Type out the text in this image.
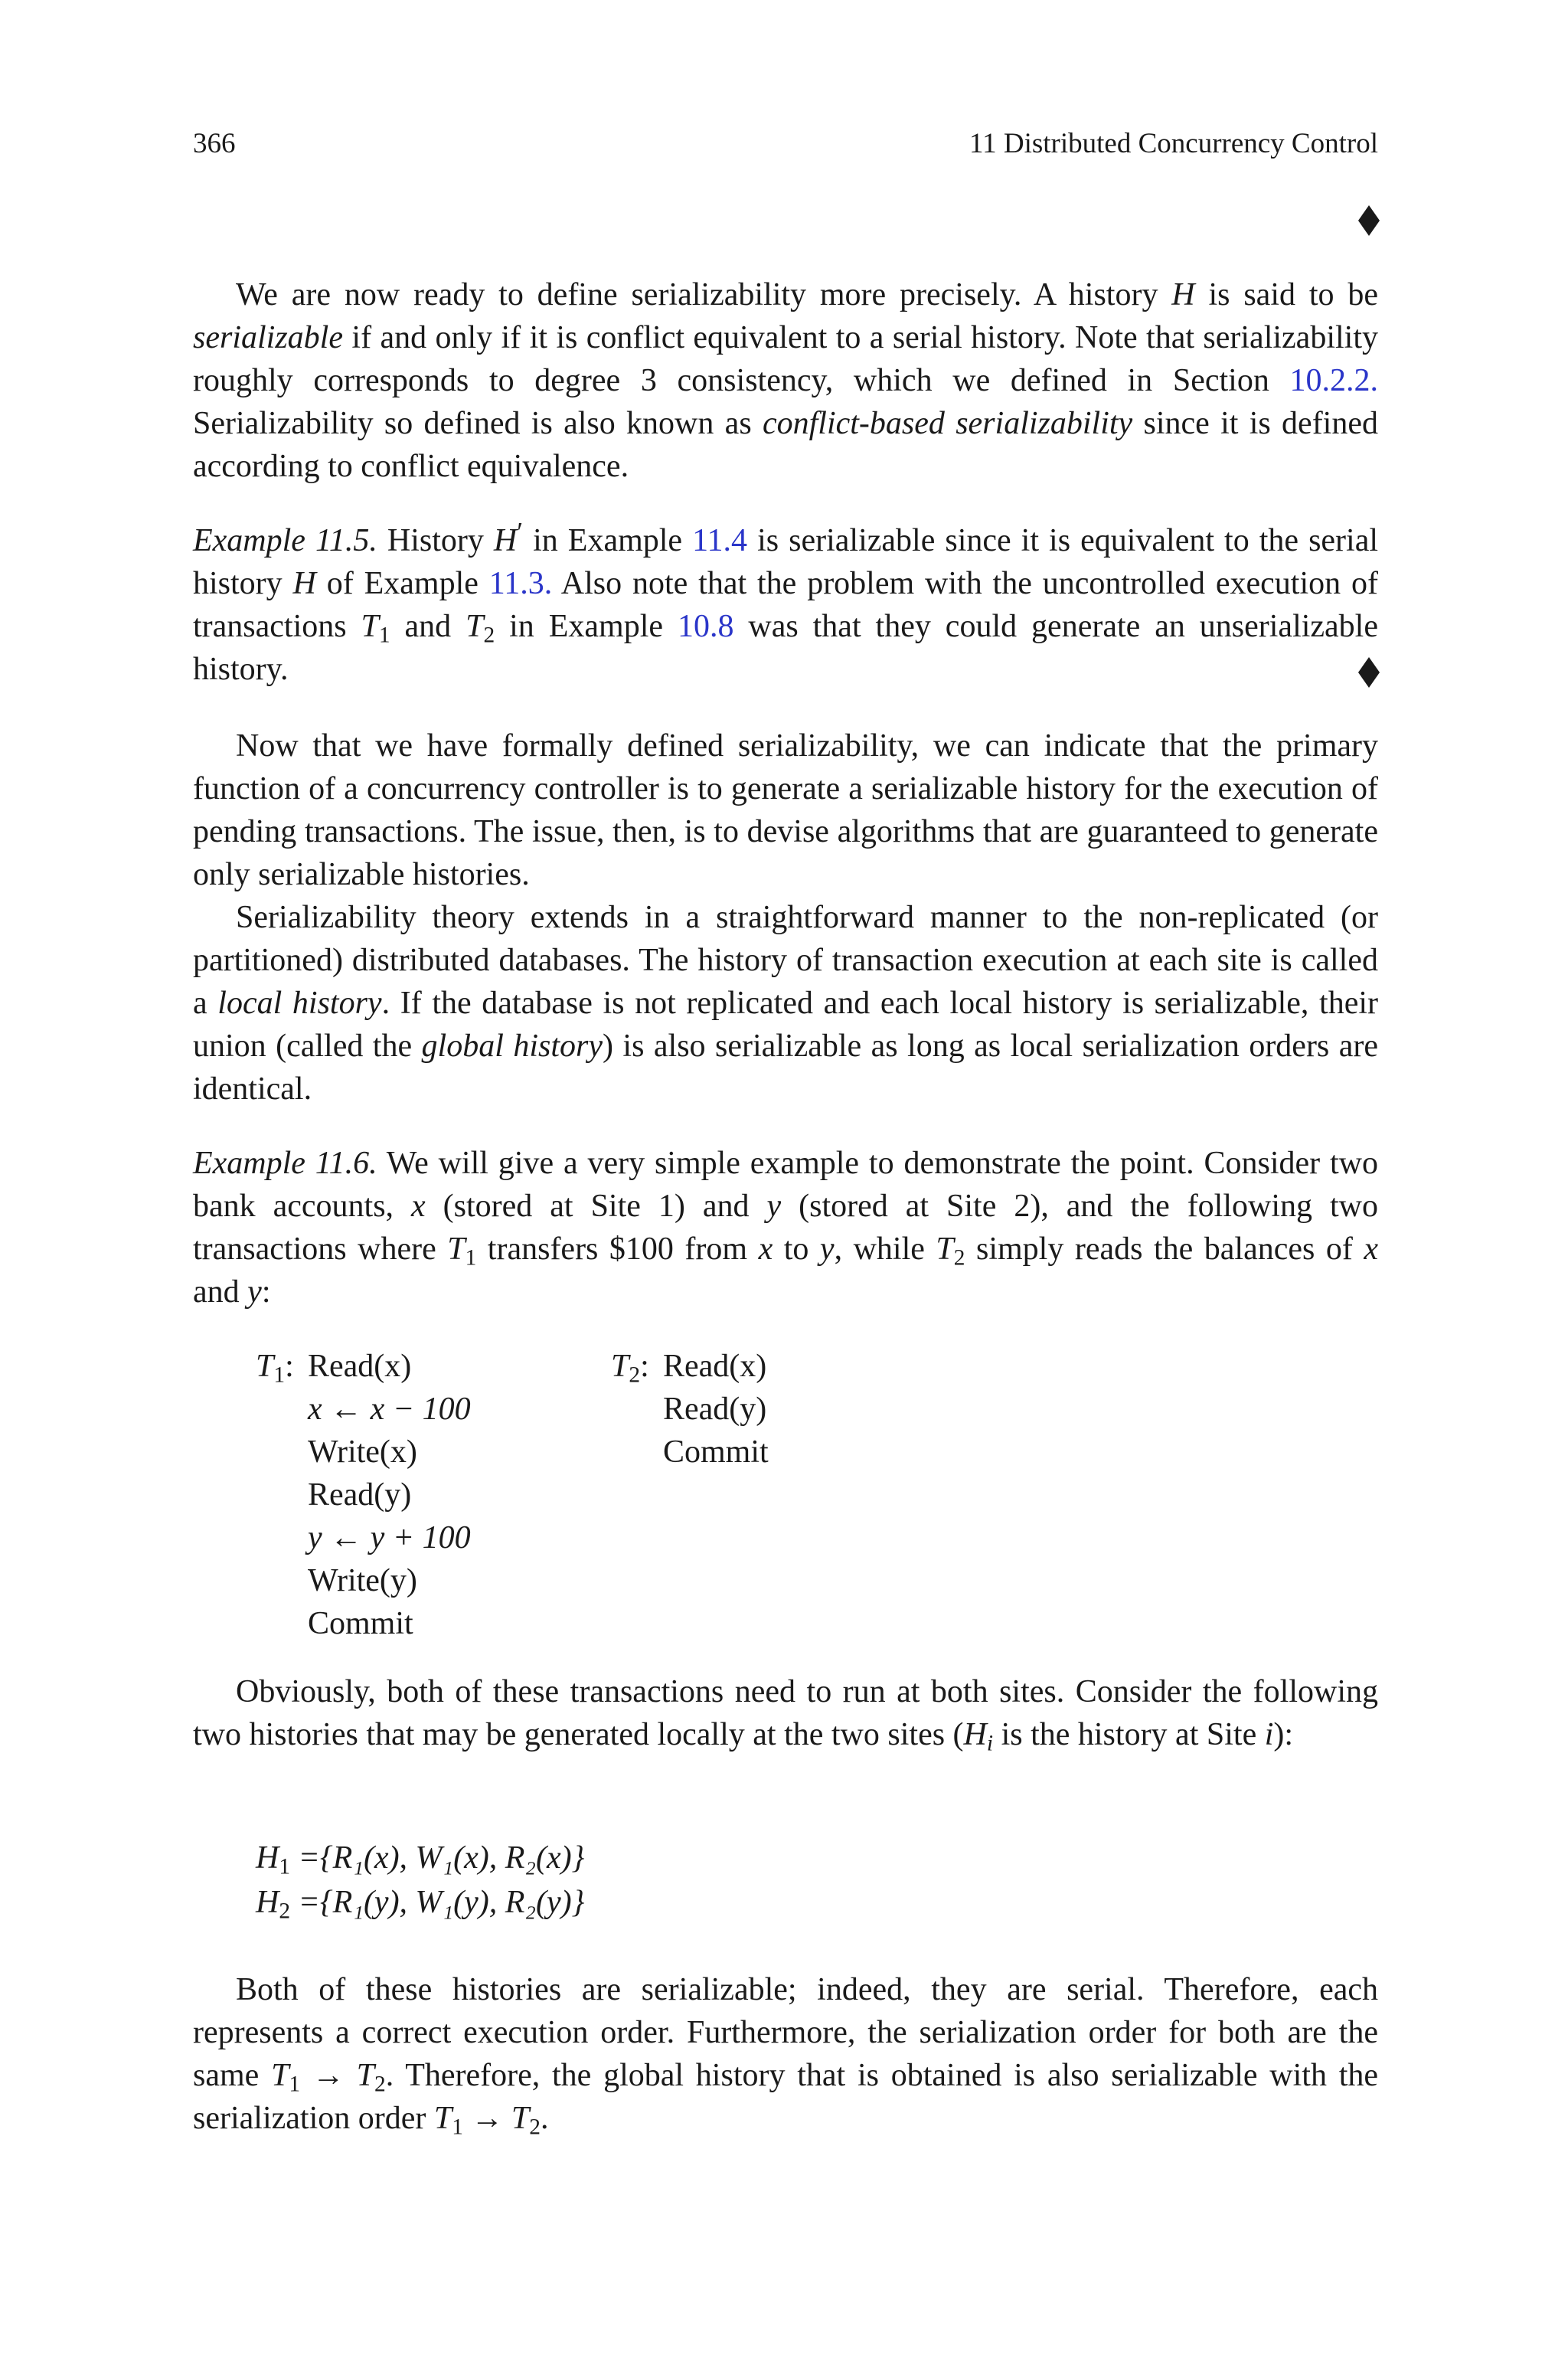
366	11 Distributed Concurrency Control

We are now ready to define serializability more precisely. A history H is said to be serializable if and only if it is conflict equivalent to a serial history. Note that serializability roughly corresponds to degree 3 consistency, which we defined in Section 10.2.2. Serializability so defined is also known as conflict-based serializability since it is defined according to conflict equivalence.

Example 11.5. History H′ in Example 11.4 is serializable since it is equivalent to the serial history H of Example 11.3. Also note that the problem with the uncontrolled execution of transactions $T_1$ and $T_2$ in Example 10.8 was that they could generate an unserializable history.

Now that we have formally defined serializability, we can indicate that the primary function of a concurrency controller is to generate a serializable history for the execution of pending transactions. The issue, then, is to devise algorithms that are guaranteed to generate only serializable histories.

Serializability theory extends in a straightforward manner to the non-replicated (or partitioned) distributed databases. The history of transaction execution at each site is called a local history. If the database is not replicated and each local history is serializable, their union (called the global history) is also serializable as long as local serialization orders are identical.

Example 11.6. We will give a very simple example to demonstrate the point. Consider two bank accounts, x (stored at Site 1) and y (stored at Site 2), and the following two transactions where $T_1$ transfers $100 from x to y, while $T_2$ simply reads the balances of x and y:

$T_1$: Read(x)
x ← x − 100
Write(x)
Read(y)
y ← y + 100
Write(y)
Commit
$T_2$: Read(x)
Read(y)
Commit

Obviously, both of these transactions need to run at both sites. Consider the following two histories that may be generated locally at the two sites ($H_i$ is the history at Site i):

$H_1 =\{R_1(x)$, W₁(x), R₂(x)}
$H_2 =\{R_1(y)$, W₁(y), R₂(y)}

Both of these histories are serializable; indeed, they are serial. Therefore, each represents a correct execution order. Furthermore, the serialization order for both are the same $T_1 \to T_2$. Therefore, the global history that is obtained is also serializable with the serialization order $T_1 \to T_2$.
